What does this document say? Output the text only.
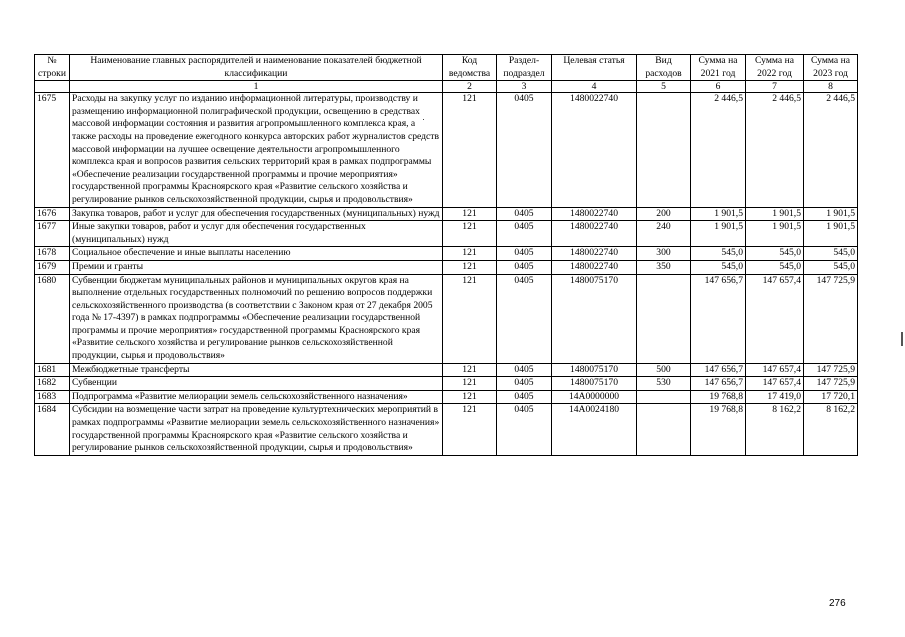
№ строки	Наименование главных распорядителей и наименование показателей бюджетной классификации	Код ведомства	Раздел-подраздел	Целевая статья	Вид расходов	Сумма на 2021 год	Сумма на 2022 год	Сумма на 2023 год
	1	2	3	4	5	6	7	8
1675	Расходы на закупку услуг по изданию информационной литературы, производству и размещению информационной полиграфической продукции, освещению в средствах массовой информации состояния и развития агропромышленного комплекса края, а также расходы на проведение ежегодного конкурса авторских работ журналистов средств массовой информации на лучшее освещение деятельности агропромышленного комплекса края и вопросов развития сельских территорий края в рамках подпрограммы «Обеспечение реализации государственной программы и прочие мероприятия» государственной программы Красноярского края «Развитие сельского хозяйства и регулирование рынков сельскохозяйственной продукции, сырья и продовольствия»	121	0405	1480022740		2 446,5	2 446,5	2 446,5
1676	Закупка товаров, работ и услуг для обеспечения государственных (муниципальных) нужд	121	0405	1480022740	200	1 901,5	1 901,5	1 901,5
1677	Иные закупки товаров, работ и услуг для обеспечения государственных (муниципальных) нужд	121	0405	1480022740	240	1 901,5	1 901,5	1 901,5
1678	Социальное обеспечение и иные выплаты населению	121	0405	1480022740	300	545,0	545,0	545,0
1679	Премии и гранты	121	0405	1480022740	350	545,0	545,0	545,0
1680	Субвенции бюджетам муниципальных районов и муниципальных округов края на выполнение отдельных государственных полномочий по решению вопросов поддержки сельскохозяйственного производства (в соответствии с Законом края от 27 декабря 2005 года № 17-4397) в рамках подпрограммы «Обеспечение реализации государственной программы и прочие мероприятия» государственной программы Красноярского края «Развитие сельского хозяйства и регулирование рынков сельскохозяйственной продукции, сырья и продовольствия»	121	0405	1480075170		147 656,7	147 657,4	147 725,9
1681	Межбюджетные трансферты	121	0405	1480075170	500	147 656,7	147 657,4	147 725,9
1682	Субвенции	121	0405	1480075170	530	147 656,7	147 657,4	147 725,9
1683	Подпрограмма «Развитие мелиорации земель сельскохозяйственного назначения»	121	0405	14А0000000		19 768,8	17 419,0	17 720,1
1684	Субсидии на возмещение части затрат на проведение культуртехнических мероприятий в рамках подпрограммы «Развитие мелиорации земель сельскохозяйственного назначения» государственной программы Красноярского края «Развитие сельского хозяйства и регулирование рынков сельскохозяйственной продукции, сырья и продовольствия»	121	0405	14А0024180		19 768,8	8 162,2	8 162,2
276
